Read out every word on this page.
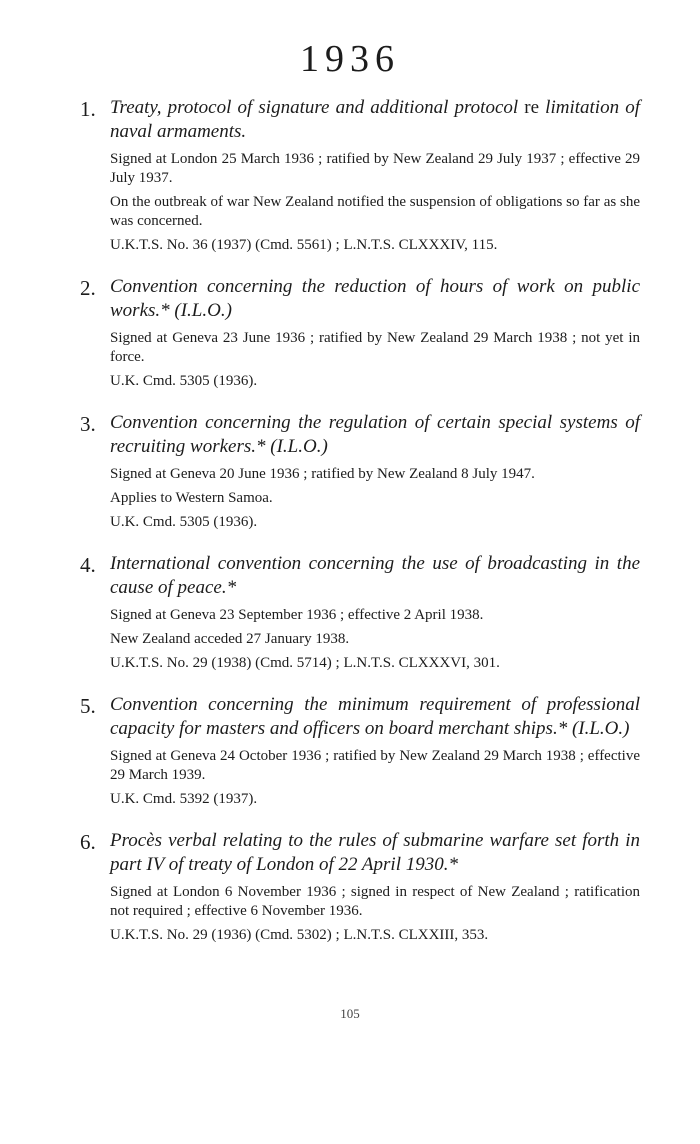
1936
1. Treaty, protocol of signature and additional protocol re limitation of naval armaments.

Signed at London 25 March 1936 ; ratified by New Zealand 29 July 1937 ; effective 29 July 1937.

On the outbreak of war New Zealand notified the suspension of obligations so far as she was concerned.

U.K.T.S. No. 36 (1937) (Cmd. 5561) ; L.N.T.S. CLXXXIV, 115.

2. Convention concerning the reduction of hours of work on public works.* (I.L.O.)

Signed at Geneva 23 June 1936 ; ratified by New Zealand 29 March 1938 ; not yet in force.

U.K. Cmd. 5305 (1936).

3. Convention concerning the regulation of certain special systems of recruiting workers.* (I.L.O.)

Signed at Geneva 20 June 1936 ; ratified by New Zealand 8 July 1947.

Applies to Western Samoa.

U.K. Cmd. 5305 (1936).

4. International convention concerning the use of broadcasting in the cause of peace.*

Signed at Geneva 23 September 1936 ; effective 2 April 1938.

New Zealand acceded 27 January 1938.

U.K.T.S. No. 29 (1938) (Cmd. 5714) ; L.N.T.S. CLXXXVI, 301.

5. Convention concerning the minimum requirement of professional capacity for masters and officers on board merchant ships.* (I.L.O.)

Signed at Geneva 24 October 1936 ; ratified by New Zealand 29 March 1938 ; effective 29 March 1939.

U.K. Cmd. 5392 (1937).

6. Procès verbal relating to the rules of submarine warfare set forth in part IV of treaty of London of 22 April 1930.*

Signed at London 6 November 1936 ; signed in respect of New Zealand ; ratification not required ; effective 6 November 1936.

U.K.T.S. No. 29 (1936) (Cmd. 5302) ; L.N.T.S. CLXXIII, 353.

105
